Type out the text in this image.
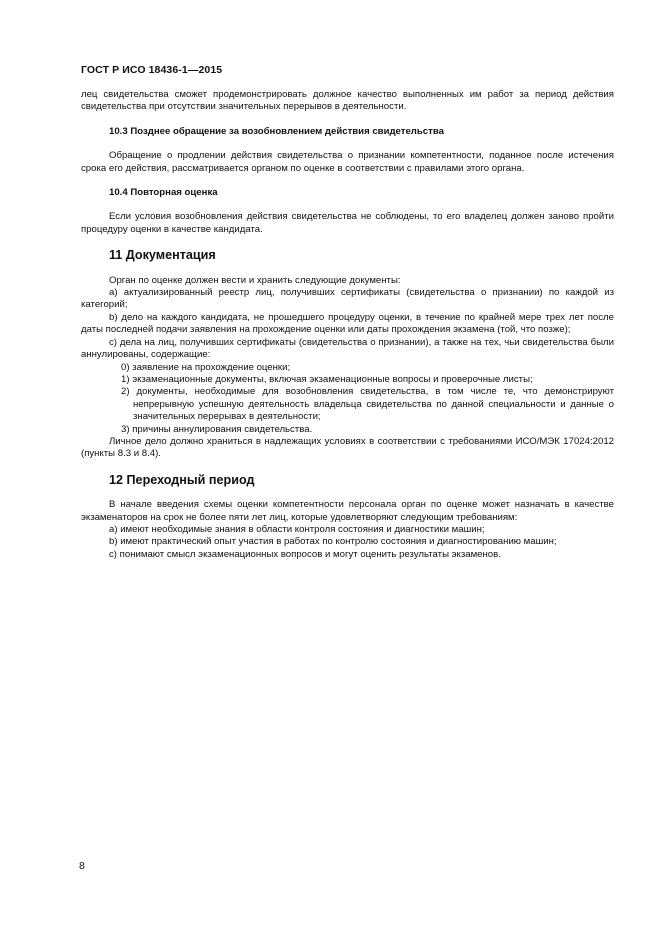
ГОСТ Р ИСО 18436-1—2015

лец свидетельства сможет продемонстрировать должное качество выполненных им работ за период действия свидетельства при отсутствии значительных перерывов в деятельности.

10.3 Позднее обращение за возобновлением действия свидетельства

Обращение о продлении действия свидетельства о признании компетентности, поданное после истечения срока его действия, рассматривается органом по оценке в соответствии с правилами этого органа.

10.4 Повторная оценка

Если условия возобновления действия свидетельства не соблюдены, то его владелец должен заново пройти процедуру оценки в качестве кандидата.

11 Документация

Орган по оценке должен вести и хранить следующие документы:

a) актуализированный реестр лиц, получивших сертификаты (свидетельства о признании) по каждой из категорий;

b) дело на каждого кандидата, не прошедшего процедуру оценки, в течение по крайней мере трех лет после даты последней подачи заявления на прохождение оценки или даты прохождения экзамена (той, что позже);

c) дела на лиц, получивших сертификаты (свидетельства о признании), а также на тех, чьи свидетельства были аннулированы, содержащие:

0) заявление на прохождение оценки;

1) экзаменационные документы, включая экзаменационные вопросы и проверочные листы;

2) документы, необходимые для возобновления свидетельства, в том числе те, что демонстрируют непрерывную успешную деятельность владельца свидетельства по данной специальности и данные о значительных перерывах в деятельности;

3) причины аннулирования свидетельства.

Личное дело должно храниться в надлежащих условиях в соответствии с требованиями ИСО/МЭК 17024:2012 (пункты 8.3 и 8.4).

12 Переходный период

В начале введения схемы оценки компетентности персонала орган по оценке может назначать в качестве экзаменаторов на срок не более пяти лет лиц, которые удовлетворяют следующим требованиям:

a) имеют необходимые знания в области контроля состояния и диагностики машин;

b) имеют практический опыт участия в работах по контролю состояния и диагностированию машин;

c) понимают смысл экзаменационных вопросов и могут оценить результаты экзаменов.

8
